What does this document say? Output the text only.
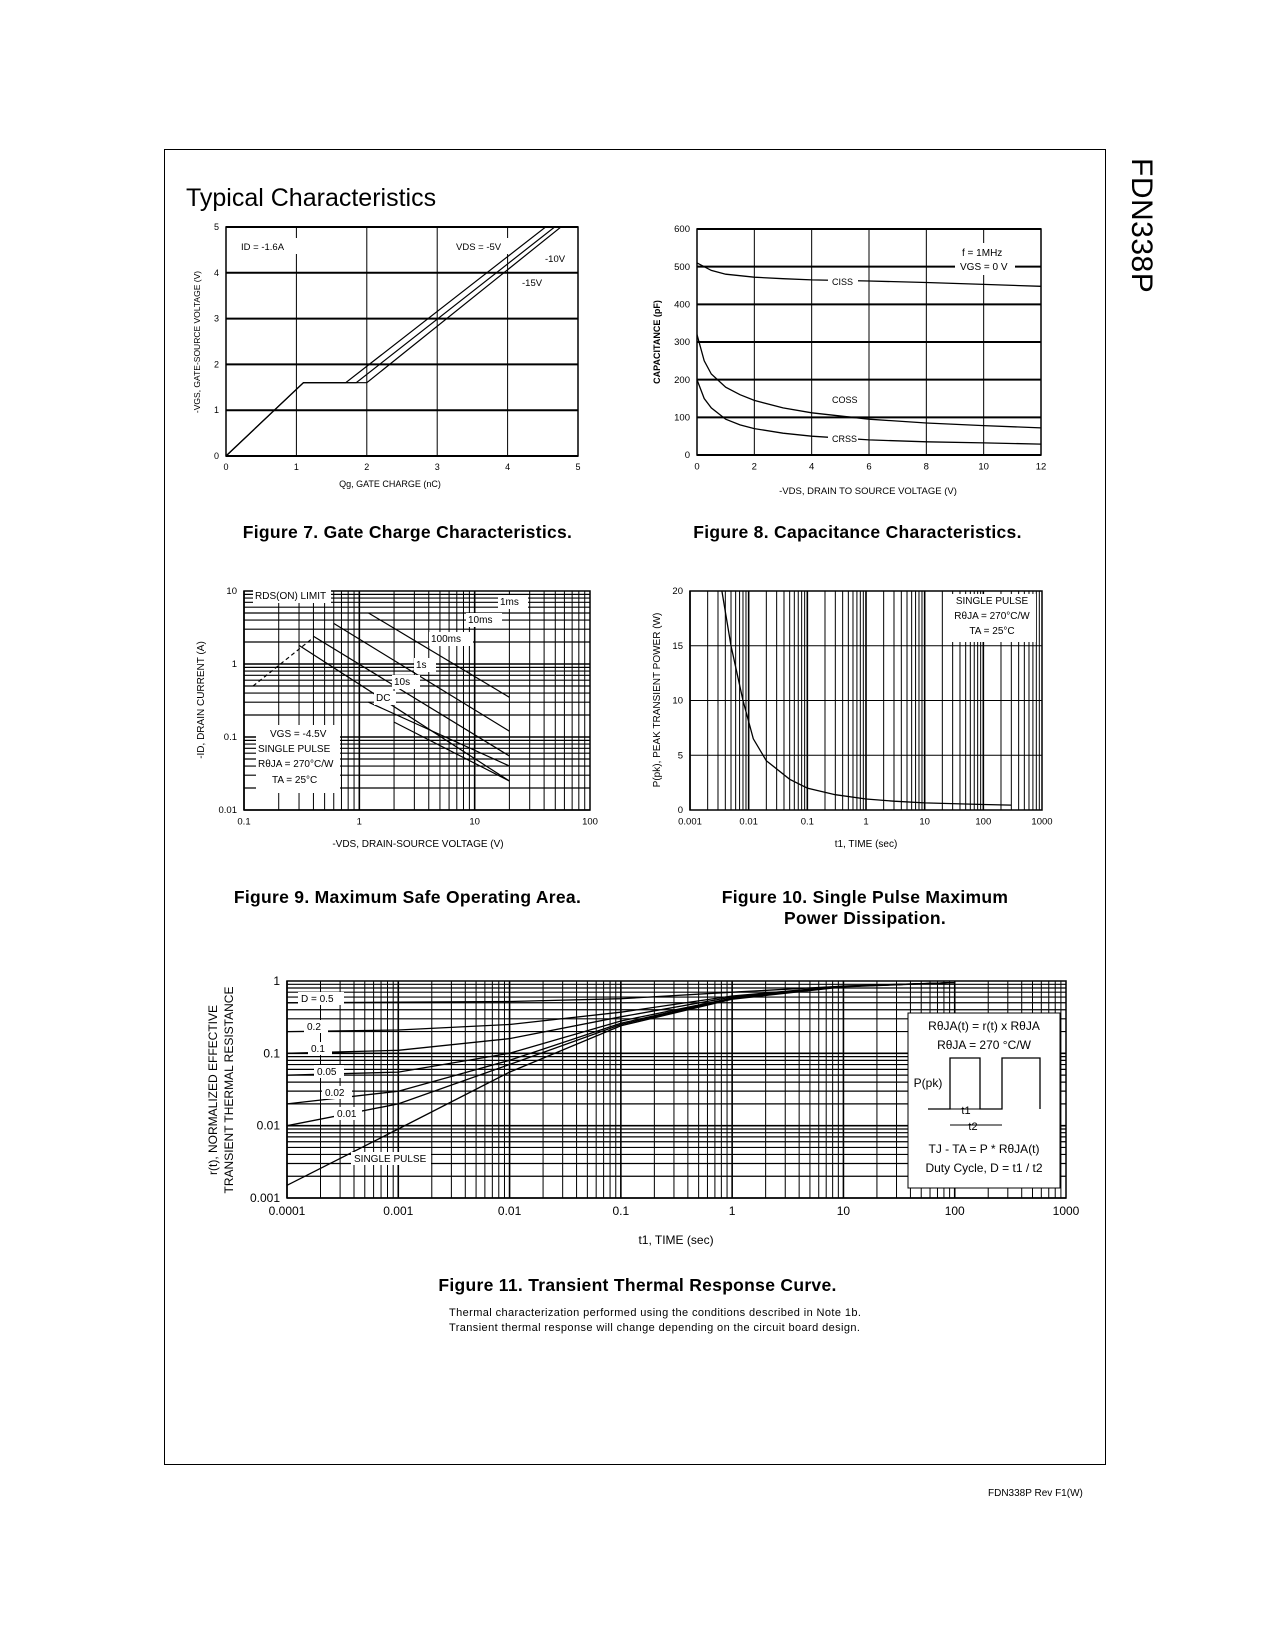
FDN338P
Typical Characteristics
0	1	2	3	4	5
0
1
2
3
4
5
Qg, GATE CHARGE (nC)
-VGS, GATE-SOURCE VOLTAGE (V)
ID = -1.6A	VDS = -5V
-10V
-15V
0	2	4	6	8	10	12
0
100
200
300
400
500
600
-VDS, DRAIN TO SOURCE VOLTAGE (V)
CAPACITANCE (pF)
f = 1MHz
VGS = 0 V
CISS
COSS
CRSS
0.1	1	10	100
0.01
0.1
1
10
-VDS, DRAIN-SOURCE VOLTAGE (V)
-ID, DRAIN CURRENT (A)
RDS(ON) LIMIT
1ms
10ms
100ms
1s
10s
DC
VGS = -4.5V
SINGLE PULSE
RθJA = 270°C/W
TA = 25°C
0.001	0.01	0.1	1	10	100	1000
0
5
10
15
20
t1, TIME (sec)
P(pk), PEAK TRANSIENT POWER (W)
SINGLE PULSE
RθJA = 270°C/W
TA = 25°C
0.0001	0.001	0.01	0.1	1	10	100	1000
0.001
0.01
0.1
1
t1, TIME (sec)
r(t), NORMALIZED EFFECTIVE TRANSIENT THERMAL RESISTANCE	D = 0.5
0.2
0.1
0.05
0.02
0.01
SINGLE PULSE
RθJA(t) = r(t) x RθJA
RθJA = 270 °C/W
P(pk)
t1
t2
TJ - TA = P * RθJA(t)
Duty Cycle, D = t1 / t2
Figure 7. Gate Charge Characteristics.	Figure 8. Capacitance Characteristics.
Figure 9. Maximum Safe Operating Area.	Figure 10. Single Pulse Maximum
Power Dissipation.
Figure 11. Transient Thermal Response Curve.
Thermal characterization performed using the conditions described in Note 1b.
Transient thermal response will change depending on the circuit board design.
FDN338P Rev F1(W)
